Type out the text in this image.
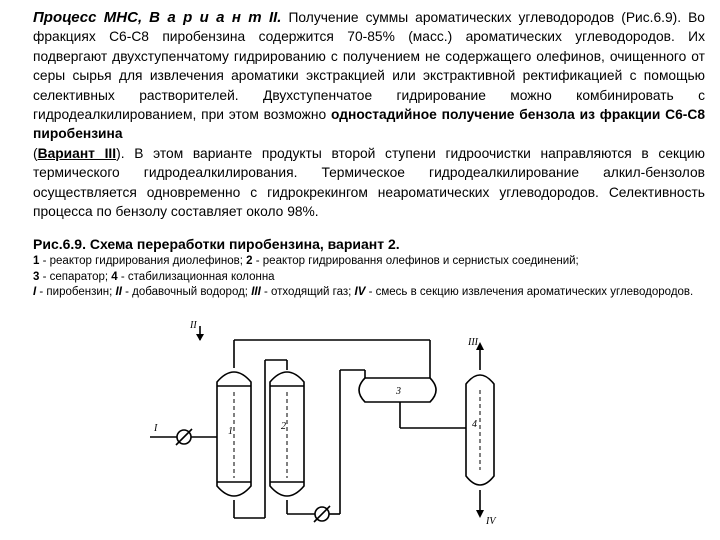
Процесс МНС, В а р и а н т II. Получение суммы ароматических углеводородов (Рис.6.9). Во фракциях С6-С8 пиробензина содержится 70-85% (масс.) ароматических углеводородов. Их подвергают двухступенчатому гидрированию с получением не содержащего олефинов, очищенного от серы сырья для извлечения ароматики экстракцией или экстрактивной ректификацией с помощью селективных растворителей. Двухступенчатое гидрирование можно комбинировать с гидродеалкилированием, при этом возможно одностадийное получение бензола из фракции С6-С8 пиробензина
(Вариант III). В этом варианте продукты второй ступени гидроочистки направляются в секцию термического гидродеалкилирования. Термическое гидродеалкилирование алкил-бензолов осуществляется одновременно с гидрокрекингом неароматических углеводородов. Селективность процесса по бензолу составляет около 98%.

Рис.6.9. Схема переработки пиробензина, вариант 2.

1 - реактор гидрирования диолефинов; 2 - реактор гидрировання олефинов и сернистых соединений;
3 - сепаратор; 4 - стабилизационная колонна

I - пиробензин; II - добавочный водород; III - отходящий газ; IV - смесь в секцию извлечения ароматических углеводородов.

I
II
III
IV
1	2
3
4
